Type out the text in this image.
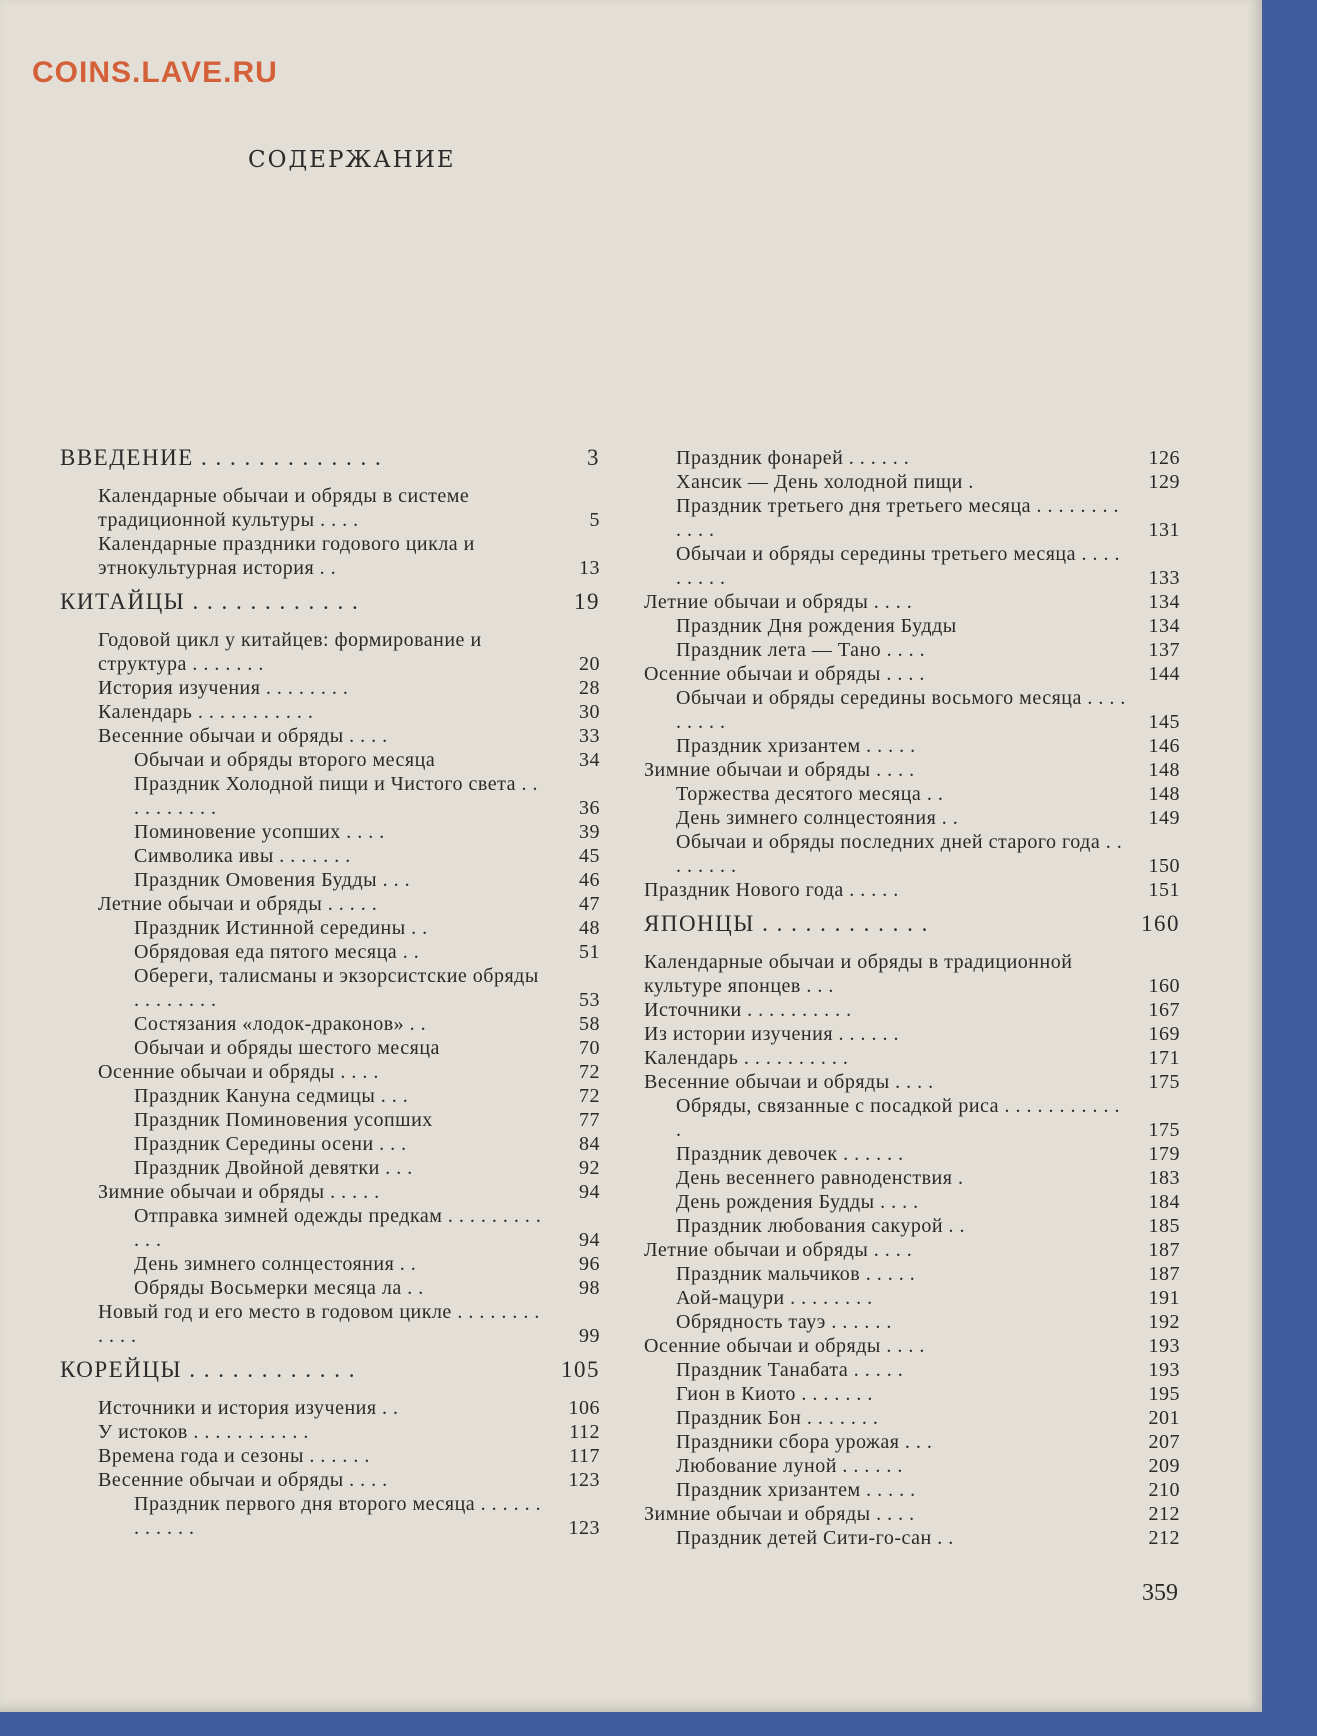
COINS.LAVE.RU
СОДЕРЖАНИЕ
ВВЕДЕНИЕ . . . . . . . . . . . . .	3
Календарные обычаи и обряды в системе традиционной культуры . . . .	5
Календарные праздники годового цикла и этнокультурная история . .	13
КИТАЙЦЫ . . . . . . . . . . . .	19
Годовой цикл у китайцев: формирование и структура . . . . . . .	20
История изучения . . . . . . . .	28
Календарь . . . . . . . . . . .	30
Весенние обычаи и обряды . . . .	33
Обычаи и обряды второго месяца	34
Праздник Холодной пищи и Чистого света . . . . . . . . . .	36
Поминовение усопших . . . .	39
Символика ивы . . . . . . .	45
Праздник Омовения Будды . . .	46
Летние обычаи и обряды . . . . .	47
Праздник Истинной середины . .	48
Обрядовая еда пятого месяца . .	51
Обереги, талисманы и экзорсистские обряды . . . . . . . .	53
Состязания «лодок-драконов» . .	58
Обычаи и обряды шестого месяца	70
Осенние обычаи и обряды . . . .	72
Праздник Кануна седмицы . . .	72
Праздник Поминовения усопших	77
Праздник Середины осени . . .	84
Праздник Двойной девятки . . .	92
Зимние обычаи и обряды . . . . .	94
Отправка зимней одежды предкам . . . . . . . . . . . .	94
День зимнего солнцестояния . .	96
Обряды Восьмерки месяца ла . .	98
Новый год и его место в годовом цикле . . . . . . . . . . . .	99
КОРЕЙЦЫ . . . . . . . . . . . .	105
Источники и история изучения . .	106
У истоков . . . . . . . . . . .	112
Времена года и сезоны . . . . . .	117
Весенние обычаи и обряды . . . .	123
Праздник первого дня второго месяца . . . . . . . . . . . .	123
Праздник фонарей . . . . . .	126
Хансик — День холодной пищи .	129
Праздник третьего дня третьего месяца . . . . . . . . . . . .	131
Обычаи и обряды середины третьего месяца . . . . . . . . .	133
Летние обычаи и обряды . . . .	134
Праздник Дня рождения Будды	134
Праздник лета — Тано . . . .	137
Осенние обычаи и обряды . . . .	144
Обычаи и обряды середины восьмого месяца . . . . . . . . .	145
Праздник хризантем . . . . .	146
Зимние обычаи и обряды . . . .	148
Торжества десятого месяца . .	148
День зимнего солнцестояния . .	149
Обычаи и обряды последних дней старого года . . . . . . . .	150
Праздник Нового года . . . . .	151
ЯПОНЦЫ . . . . . . . . . . . .	160
Календарные обычаи и обряды в традиционной культуре японцев . . .	160
Источники . . . . . . . . . .	167
Из истории изучения . . . . . .	169
Календарь . . . . . . . . . .	171
Весенние обычаи и обряды . . . .	175
Обряды, связанные с посадкой риса . . . . . . . . . . . .	175
Праздник девочек . . . . . .	179
День весеннего равноденствия .	183
День рождения Будды . . . .	184
Праздник любования сакурой . .	185
Летние обычаи и обряды . . . .	187
Праздник мальчиков . . . . .	187
Аой-мацури . . . . . . . .	191
Обрядность тауэ . . . . . .	192
Осенние обычаи и обряды . . . .	193
Праздник Танабата . . . . .	193
Гион в Киото . . . . . . .	195
Праздник Бон . . . . . . .	201
Праздники сбора урожая . . .	207
Любование луной . . . . . .	209
Праздник хризантем . . . . .	210
Зимние обычаи и обряды . . . .	212
Праздник детей Сити-го-сан . .	212
359
